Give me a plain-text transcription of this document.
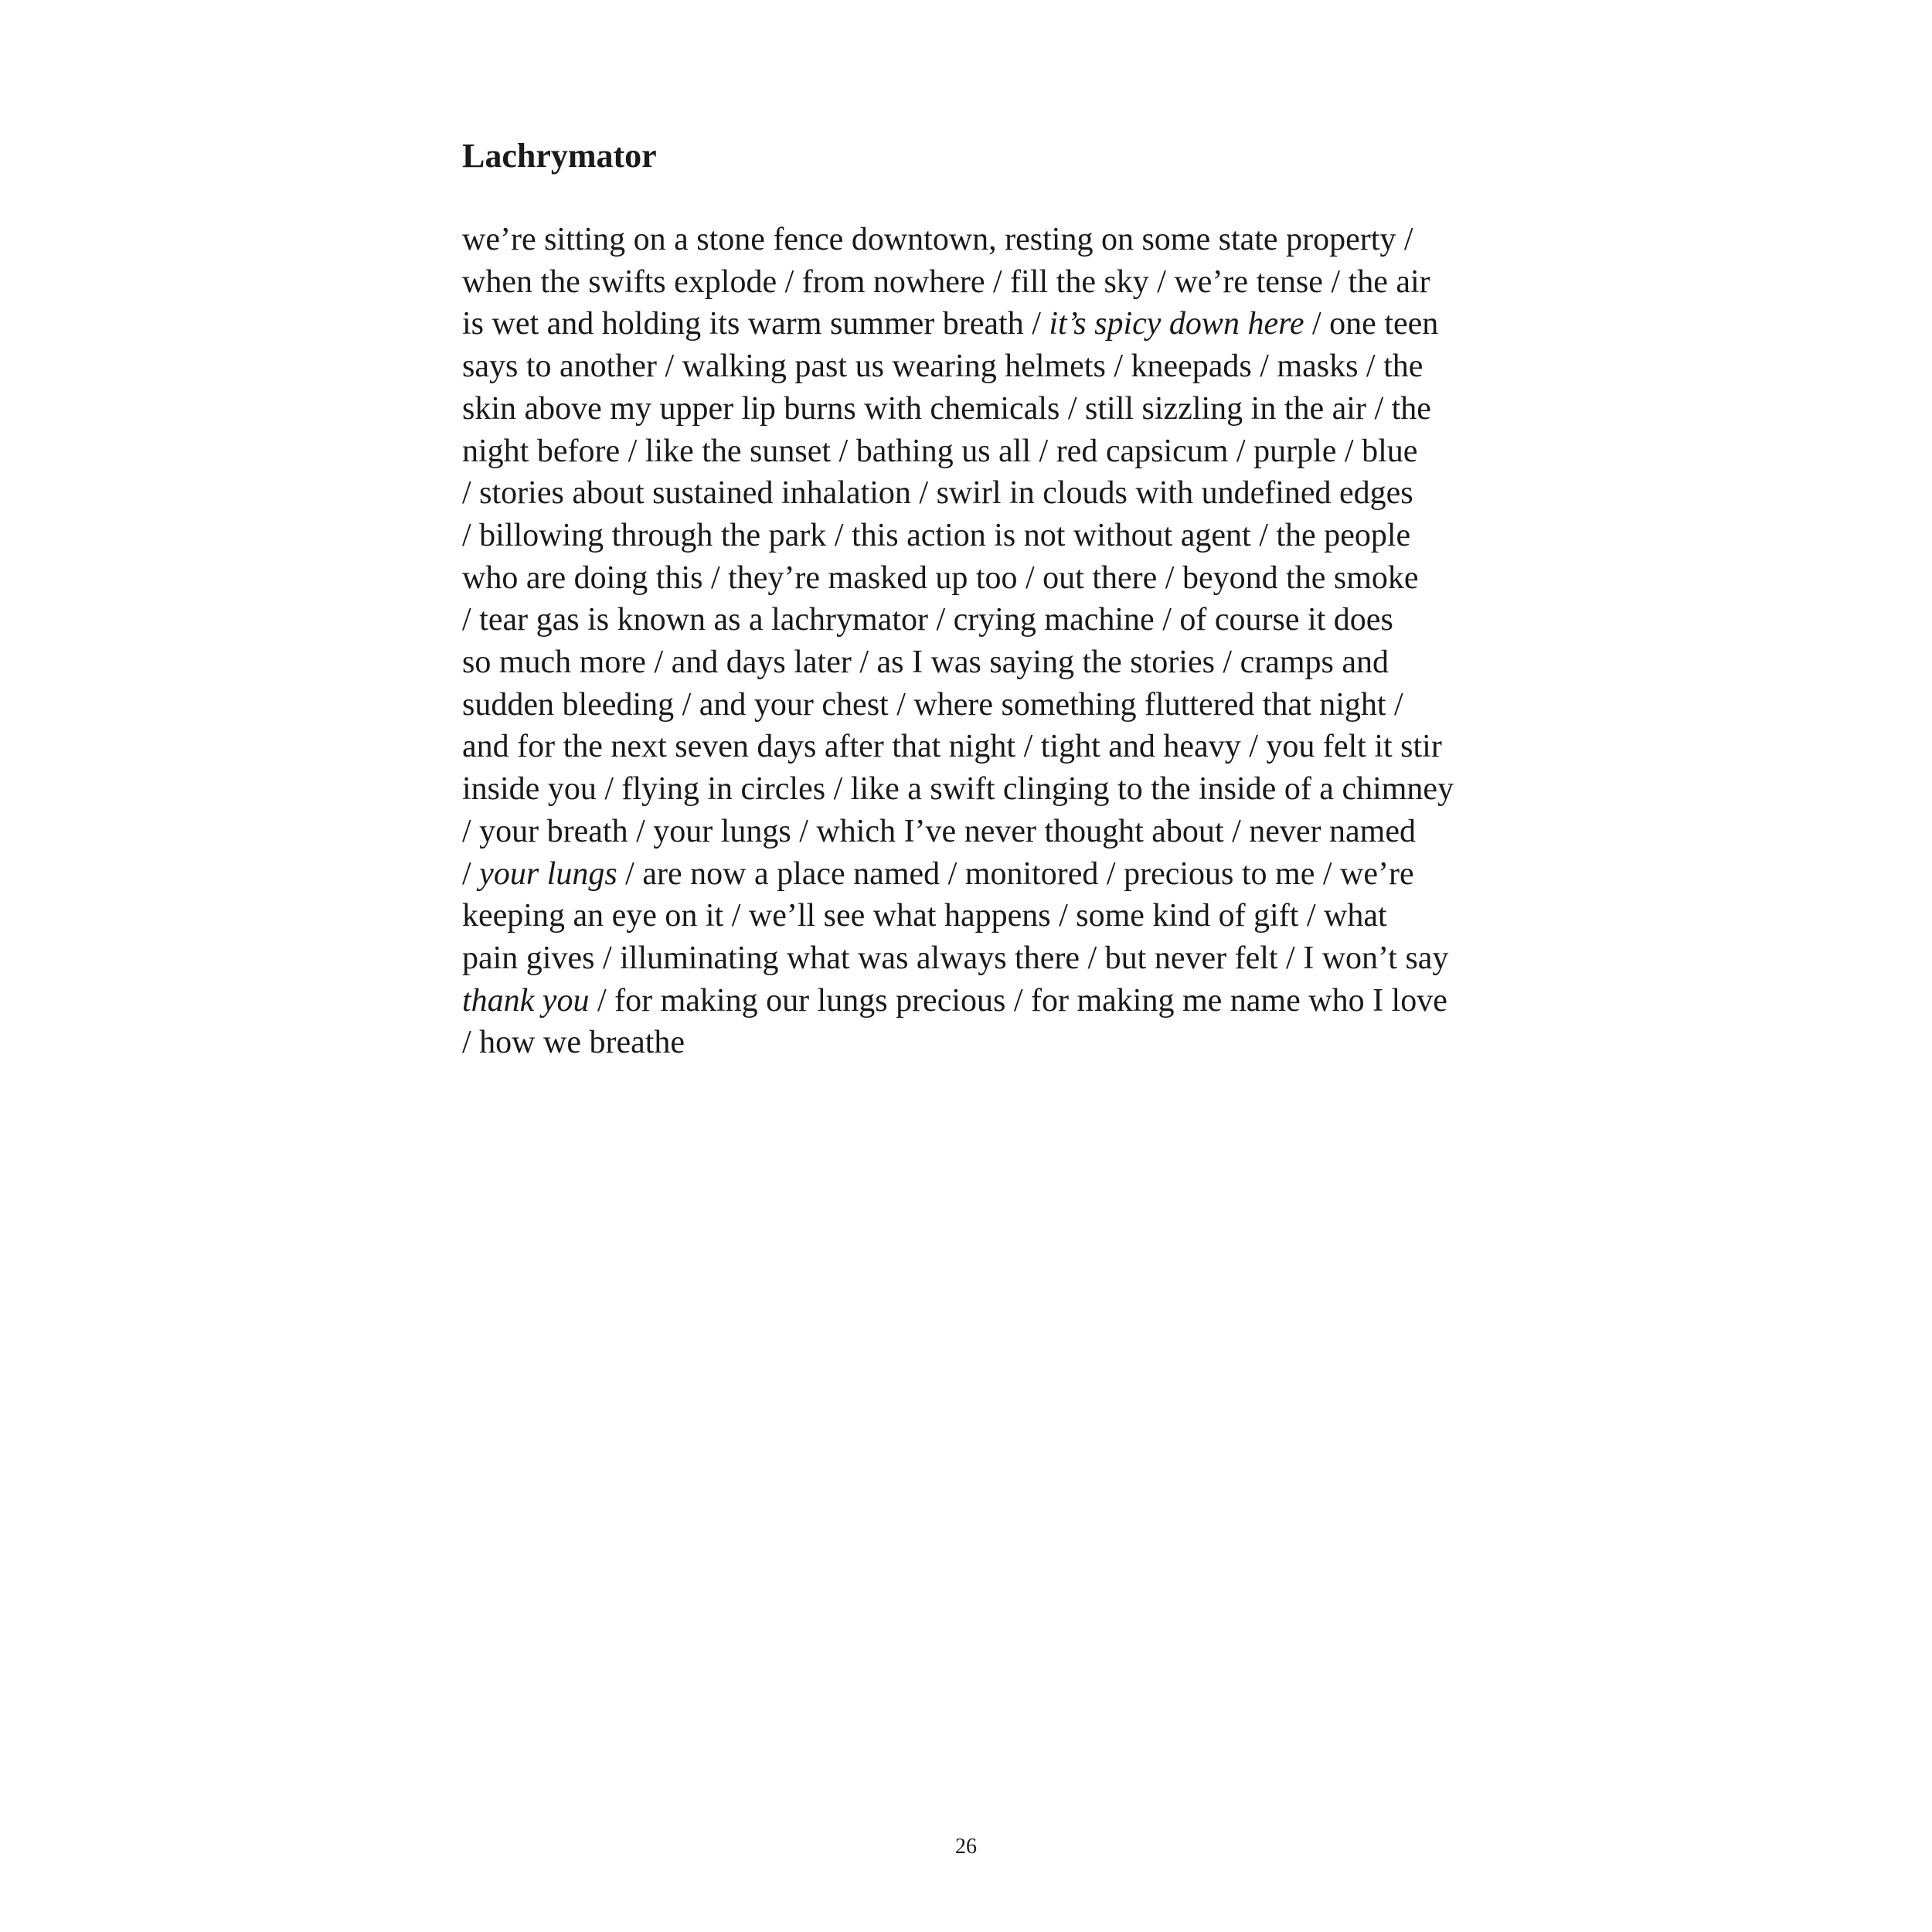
Lachrymator
we’re sitting on a stone fence downtown, resting on some state property /
when the swifts explode / from nowhere / fill the sky / we’re tense / the air
is wet and holding its warm summer breath / it’s spicy down here / one teen
says to another / walking past us wearing helmets / kneepads / masks / the
skin above my upper lip burns with chemicals / still sizzling in the air / the
night before / like the sunset / bathing us all / red capsicum / purple / blue
/ stories about sustained inhalation / swirl in clouds with undefined edges
/ billowing through the park / this action is not without agent / the people
who are doing this / they’re masked up too / out there / beyond the smoke
/ tear gas is known as a lachrymator / crying machine / of course it does
so much more / and days later / as I was saying the stories / cramps and
sudden bleeding / and your chest / where something fluttered that night /
and for the next seven days after that night / tight and heavy / you felt it stir
inside you / flying in circles / like a swift clinging to the inside of a chimney
/ your breath / your lungs / which I’ve never thought about / never named
/ your lungs / are now a place named / monitored / precious to me / we’re
keeping an eye on it / we’ll see what happens / some kind of gift / what
pain gives / illuminating what was always there / but never felt / I won’t say
thank you / for making our lungs precious / for making me name who I love
/ how we breathe
26
